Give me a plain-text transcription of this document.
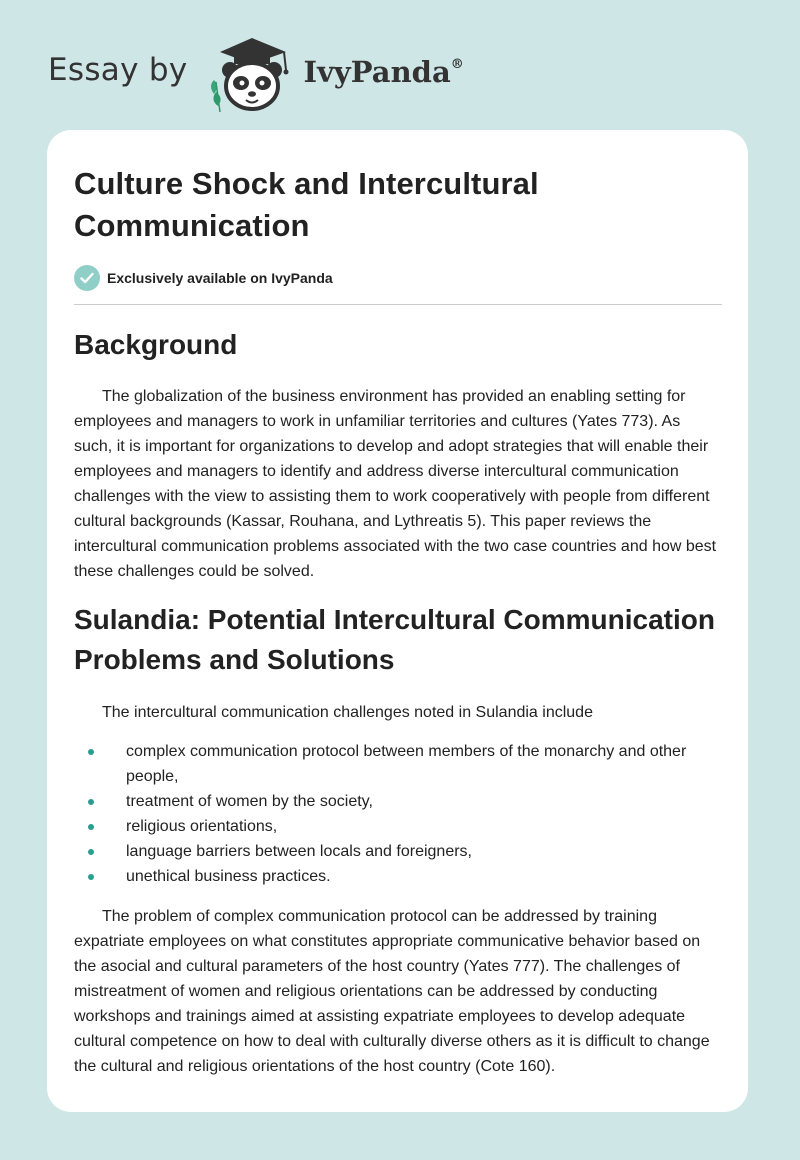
Essay by	IvyPanda®
Culture Shock and Intercultural Communication
Exclusively available on IvyPanda
Background

The globalization of the business environment has provided an enabling setting for employees and managers to work in unfamiliar territories and cultures (Yates 773). As such, it is important for organizations to develop and adopt strategies that will enable their employees and managers to identify and address diverse intercultural communication challenges with the view to assisting them to work cooperatively with people from different cultural backgrounds (Kassar, Rouhana, and Lythreatis 5). This paper reviews the intercultural communication problems associated with the two case countries and how best these challenges could be solved.

Sulandia: Potential Intercultural Communication Problems and Solutions

The intercultural communication challenges noted in Sulandia include

complex communication protocol between members of the monarchy and other people,
treatment of women by the society,
religious orientations,
language barriers between locals and foreigners,
unethical business practices.

The problem of complex communication protocol can be addressed by training expatriate employees on what constitutes appropriate communicative behavior based on the asocial and cultural parameters of the host country (Yates 777). The challenges of mistreatment of women and religious orientations can be addressed by conducting workshops and trainings aimed at assisting expatriate employees to develop adequate cultural competence on how to deal with culturally diverse others as it is difficult to change the cultural and religious orientations of the host country (Cote 160).
